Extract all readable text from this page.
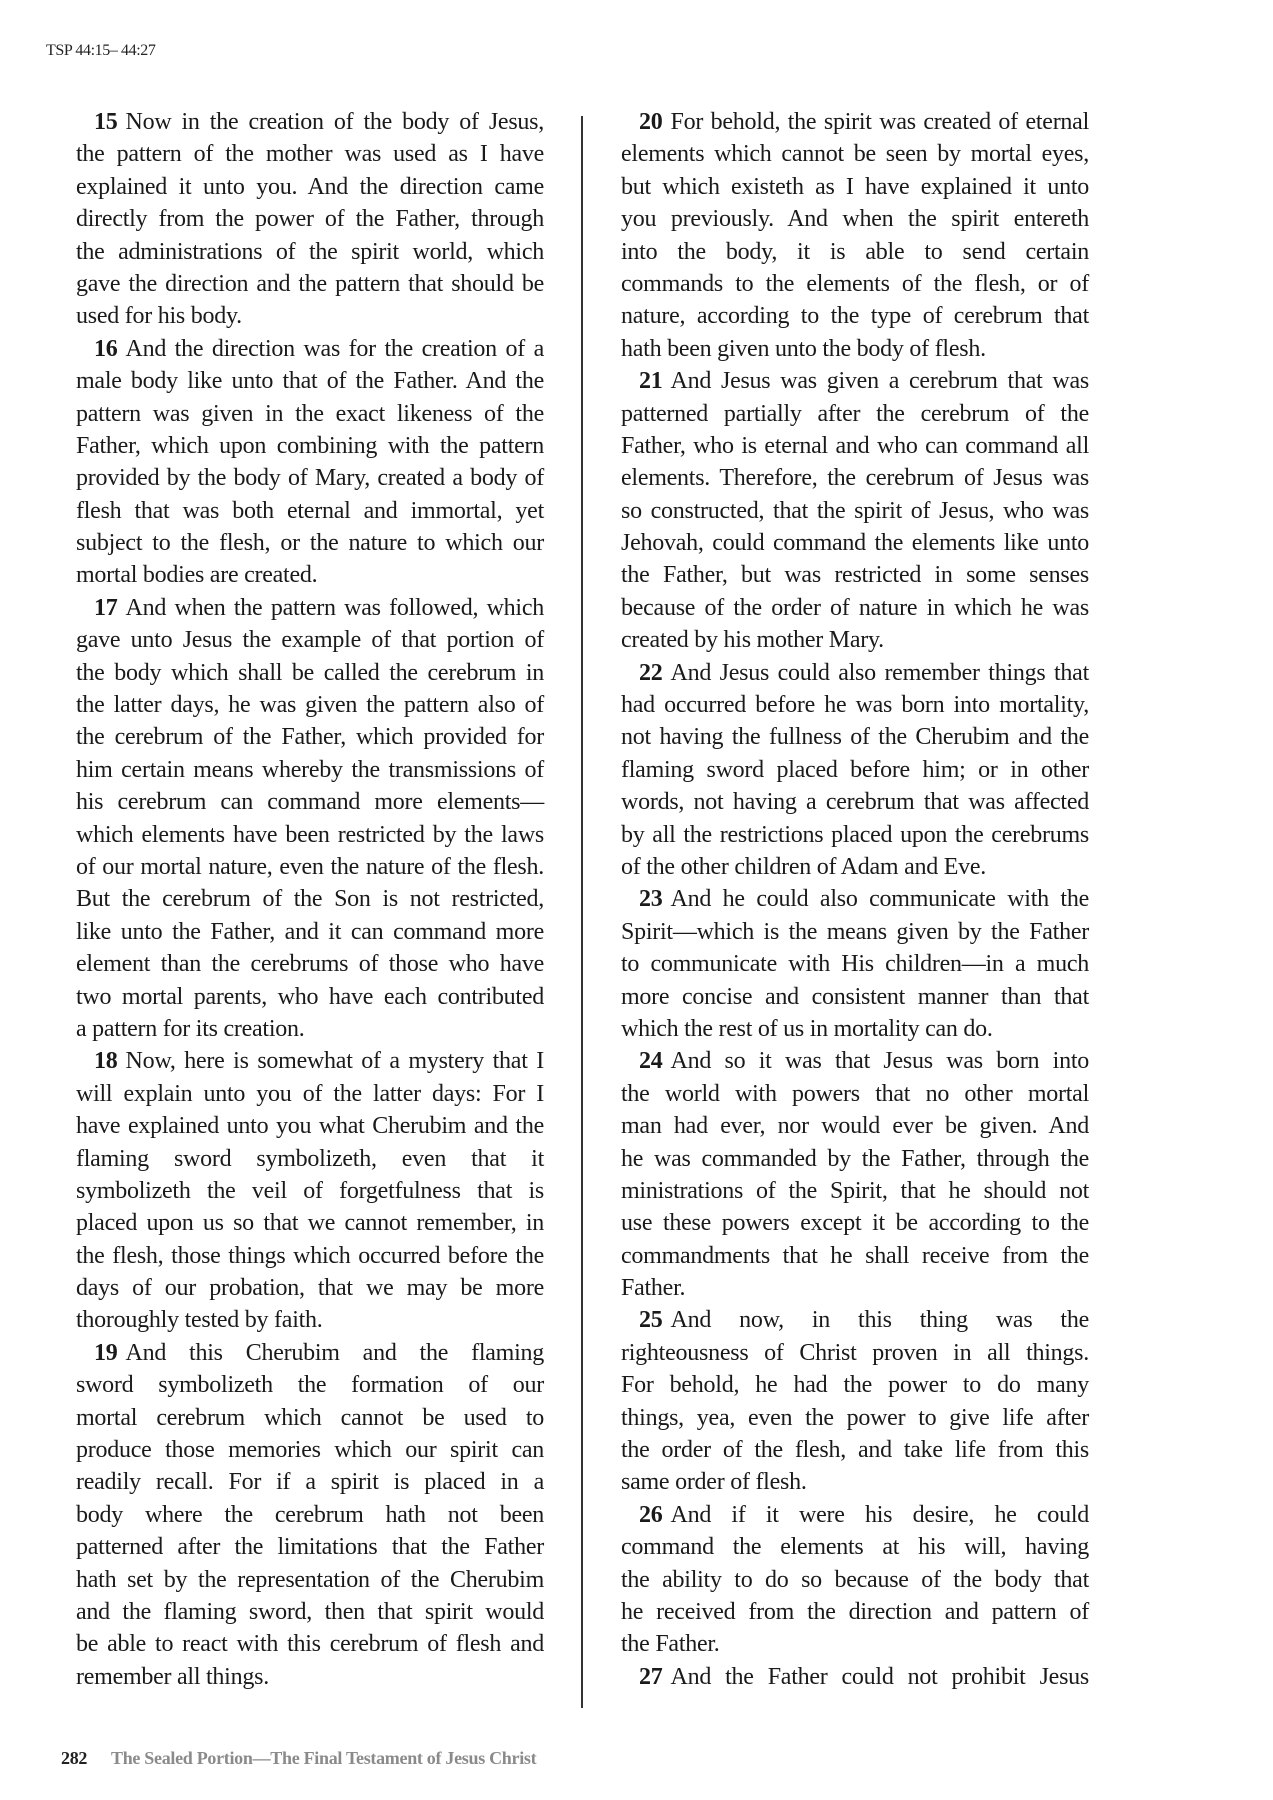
TSP 44:15– 44:27
15 Now in the creation of the body of Jesus,
the pattern of the mother was used as I have
explained it unto you. And the direction came
directly from the power of the Father, through
the administrations of the spirit world, which
gave the direction and the pattern that should be
used for his body.
16 And the direction was for the creation of a
male body like unto that of the Father. And the
pattern was given in the exact likeness of the
Father, which upon combining with the pattern
provided by the body of Mary, created a body of
flesh that was both eternal and immortal, yet
subject to the flesh, or the nature to which our
mortal bodies are created.
17 And when the pattern was followed, which
gave unto Jesus the example of that portion of
the body which shall be called the cerebrum in
the latter days, he was given the pattern also of
the cerebrum of the Father, which provided for
him certain means whereby the transmissions of
his cerebrum can command more elements—
which elements have been restricted by the laws
of our mortal nature, even the nature of the flesh.
But the cerebrum of the Son is not restricted,
like unto the Father, and it can command more
element than the cerebrums of those who have
two mortal parents, who have each contributed
a pattern for its creation.
18 Now, here is somewhat of a mystery that I
will explain unto you of the latter days: For I
have explained unto you what Cherubim and the
flaming sword symbolizeth, even that it
symbolizeth the veil of forgetfulness that is
placed upon us so that we cannot remember, in
the flesh, those things which occurred before the
days of our probation, that we may be more
thoroughly tested by faith.
19 And this Cherubim and the flaming
sword symbolizeth the formation of our
mortal cerebrum which cannot be used to
produce those memories which our spirit can
readily recall. For if a spirit is placed in a
body where the cerebrum hath not been
patterned after the limitations that the Father
hath set by the representation of the Cherubim
and the flaming sword, then that spirit would
be able to react with this cerebrum of flesh and
remember all things.
20 For behold, the spirit was created of eternal
elements which cannot be seen by mortal eyes,
but which existeth as I have explained it unto
you previously. And when the spirit entereth
into the body, it is able to send certain
commands to the elements of the flesh, or of
nature, according to the type of cerebrum that
hath been given unto the body of flesh.
21 And Jesus was given a cerebrum that was
patterned partially after the cerebrum of the
Father, who is eternal and who can command all
elements. Therefore, the cerebrum of Jesus was
so constructed, that the spirit of Jesus, who was
Jehovah, could command the elements like unto
the Father, but was restricted in some senses
because of the order of nature in which he was
created by his mother Mary.
22 And Jesus could also remember things that
had occurred before he was born into mortality,
not having the fullness of the Cherubim and the
flaming sword placed before him; or in other
words, not having a cerebrum that was affected
by all the restrictions placed upon the cerebrums
of the other children of Adam and Eve.
23 And he could also communicate with the
Spirit—which is the means given by the Father
to communicate with His children—in a much
more concise and consistent manner than that
which the rest of us in mortality can do.
24 And so it was that Jesus was born into
the world with powers that no other mortal
man had ever, nor would ever be given. And
he was commanded by the Father, through the
ministrations of the Spirit, that he should not
use these powers except it be according to the
commandments that he shall receive from the
Father.
25 And now, in this thing was the
righteousness of Christ proven in all things.
For behold, he had the power to do many
things, yea, even the power to give life after
the order of the flesh, and take life from this
same order of flesh.
26 And if it were his desire, he could
command the elements at his will, having
the ability to do so because of the body that
he received from the direction and pattern of
the Father.
27 And the Father could not prohibit Jesus
282 The Sealed Portion—The Final Testament of Jesus Christ
